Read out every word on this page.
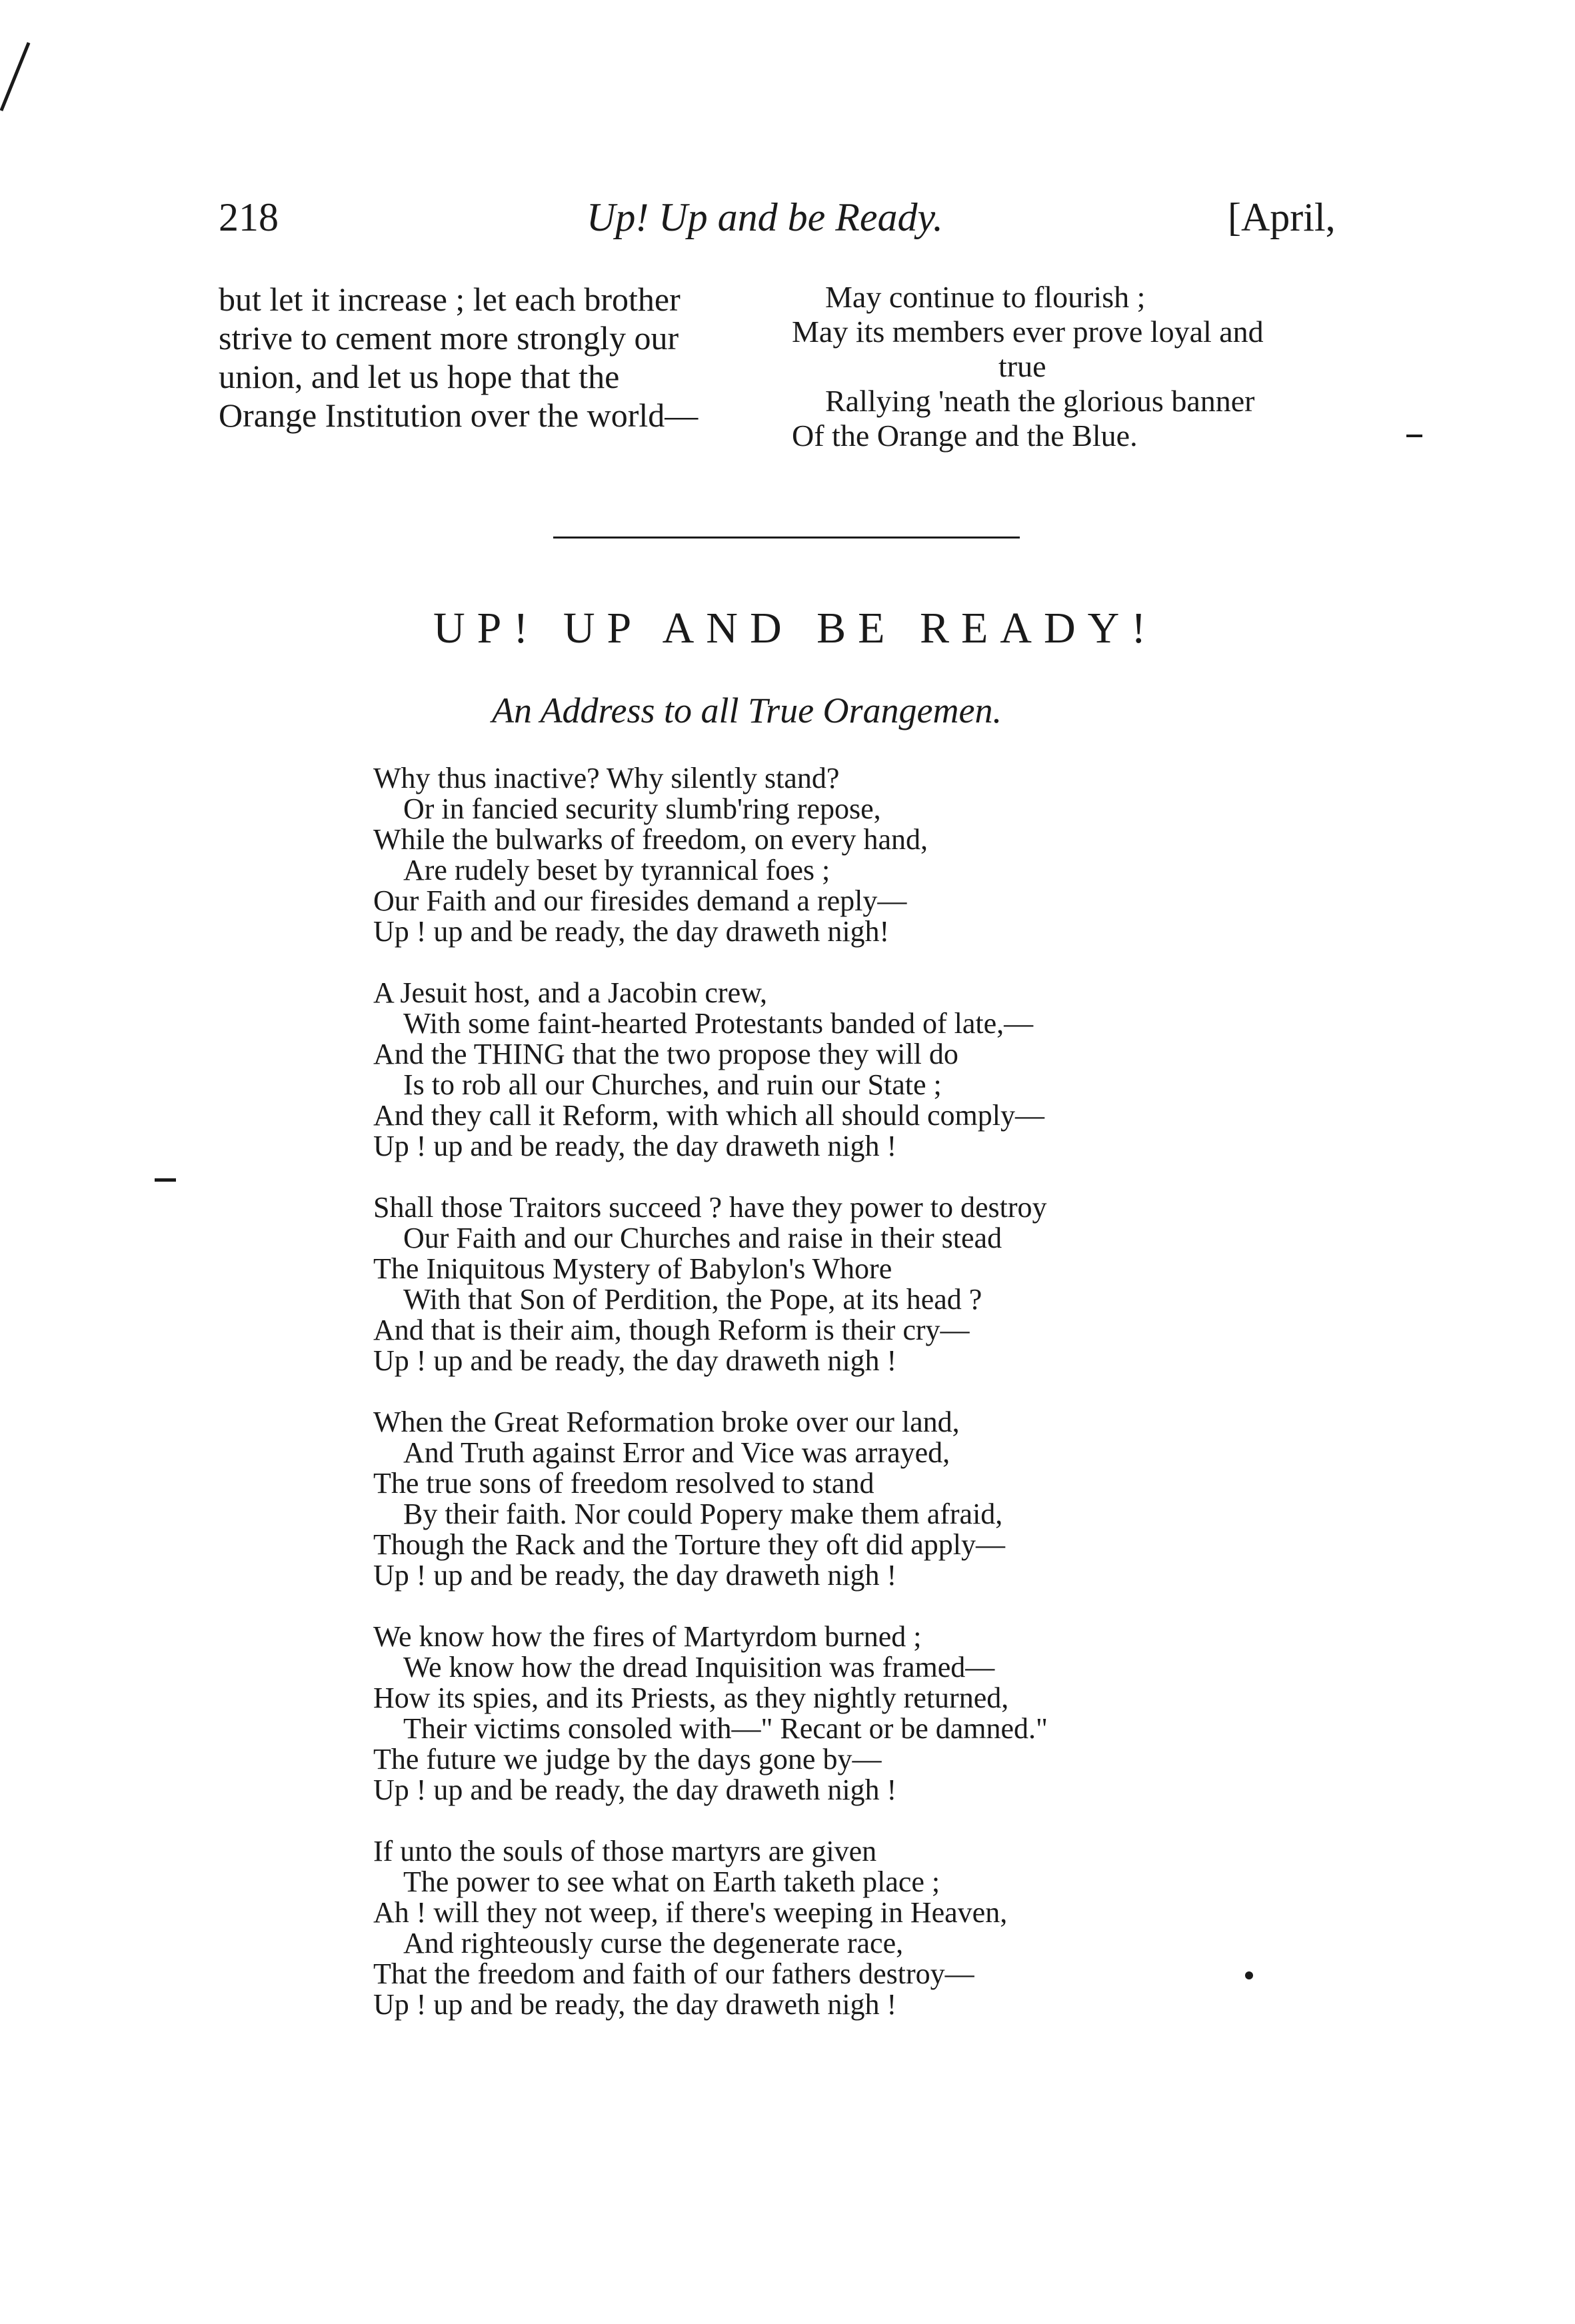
218	Up! Up and be Ready.	[April,
but let it increase ; let each brother
strive to cement more strongly our
union, and let us hope that the
Orange Institution over the world—
May continue to flourish ;
May its members ever prove loyal and
true
Rallying 'neath the glorious banner
Of the Orange and the Blue.
UP! UP AND BE READY!
An Address to all True Orangemen.
Why thus inactive? Why silently stand?
Or in fancied security slumb'ring repose,
While the bulwarks of freedom, on every hand,
Are rudely beset by tyrannical foes ;
Our Faith and our firesides demand a reply—
Up ! up and be ready, the day draweth nigh!
A Jesuit host, and a Jacobin crew,
With some faint-hearted Protestants banded of late,—
And the THING that the two propose they will do
Is to rob all our Churches, and ruin our State ;
And they call it Reform, with which all should comply—
Up ! up and be ready, the day draweth nigh !
Shall those Traitors succeed ? have they power to destroy
Our Faith and our Churches and raise in their stead
The Iniquitous Mystery of Babylon's Whore
With that Son of Perdition, the Pope, at its head ?
And that is their aim, though Reform is their cry—
Up ! up and be ready, the day draweth nigh !
When the Great Reformation broke over our land,
And Truth against Error and Vice was arrayed,
The true sons of freedom resolved to stand
By their faith. Nor could Popery make them afraid,
Though the Rack and the Torture they oft did apply—
Up ! up and be ready, the day draweth nigh !
We know how the fires of Martyrdom burned ;
We know how the dread Inquisition was framed—
How its spies, and its Priests, as they nightly returned,
Their victims consoled with—" Recant or be damned."
The future we judge by the days gone by—
Up ! up and be ready, the day draweth nigh !
If unto the souls of those martyrs are given
The power to see what on Earth taketh place ;
Ah ! will they not weep, if there's weeping in Heaven,
And righteously curse the degenerate race,
That the freedom and faith of our fathers destroy—
Up ! up and be ready, the day draweth nigh !
